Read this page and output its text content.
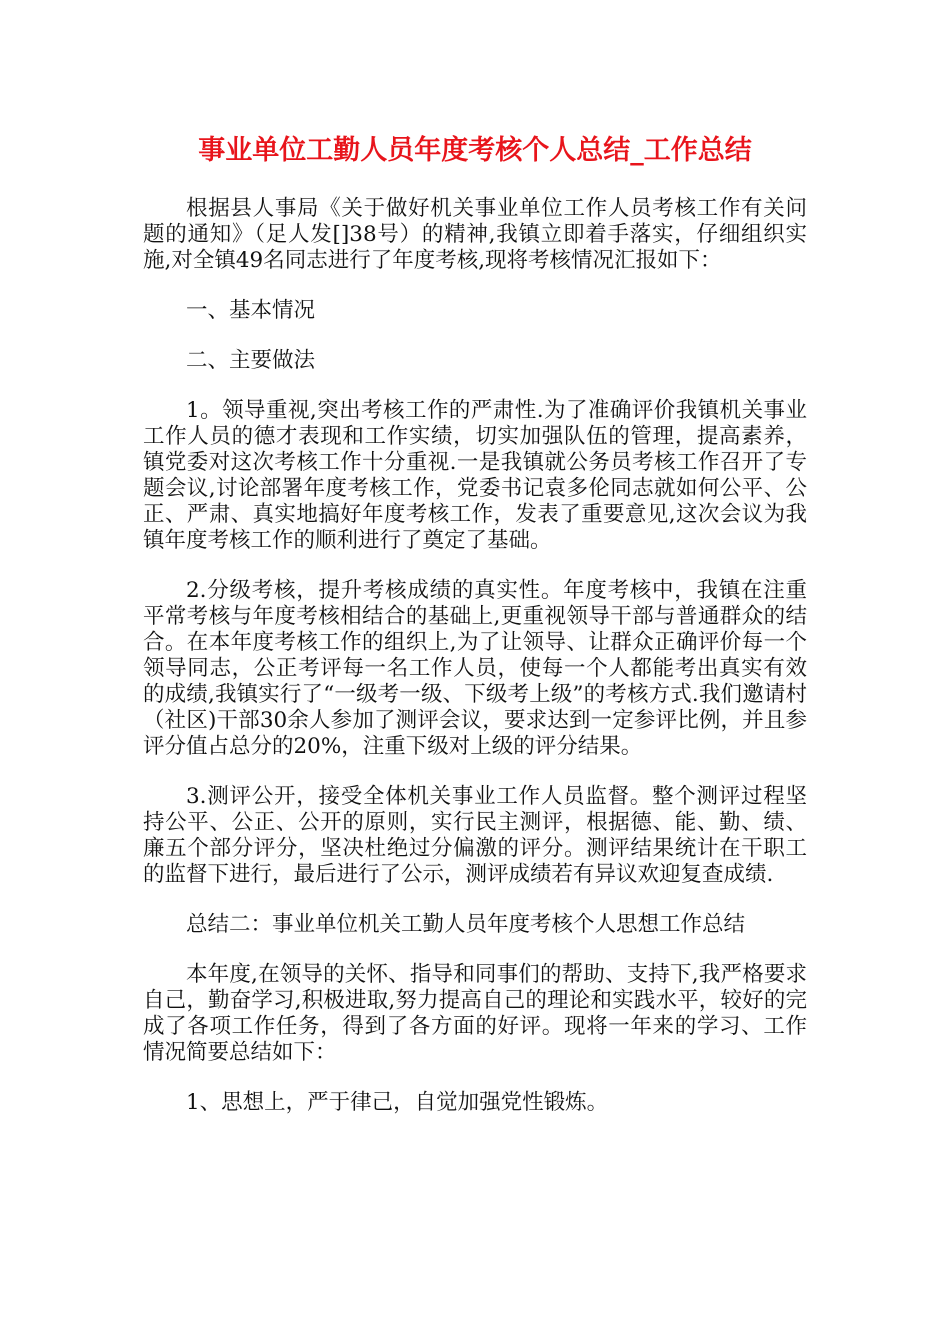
事业单位工勤人员年度考核个人总结_工作总结

根据县人事局《关于做好机关事业单位工作人员考核工作有关问题的通知》（足人发[]38号）的精神,我镇立即着手落实，仔细组织实施,对全镇49名同志进行了年度考核,现将考核情况汇报如下：

一、基本情况

二、主要做法

1。领导重视,突出考核工作的严肃性.为了准确评价我镇机关事业工作人员的德才表现和工作实绩，切实加强队伍的管理，提高素养，镇党委对这次考核工作十分重视.一是我镇就公务员考核工作召开了专题会议,讨论部署年度考核工作，党委书记袁多伦同志就如何公平、公正、严肃、真实地搞好年度考核工作，发表了重要意见,这次会议为我镇年度考核工作的顺利进行了奠定了基础。

2.分级考核，提升考核成绩的真实性。年度考核中，我镇在注重平常考核与年度考核相结合的基础上,更重视领导干部与普通群众的结合。在本年度考核工作的组织上,为了让领导、让群众正确评价每一个领导同志，公正考评每一名工作人员，使每一个人都能考出真实有效的成绩,我镇实行了“一级考一级、下级考上级”的考核方式.我们邀请村（社区)干部30余人参加了测评会议，要求达到一定参评比例，并且参评分值占总分的20%，注重下级对上级的评分结果。

3.测评公开，接受全体机关事业工作人员监督。整个测评过程坚持公平、公正、公开的原则，实行民主测评，根据德、能、勤、绩、廉五个部分评分，坚决杜绝过分偏激的评分。测评结果统计在干职工的监督下进行，最后进行了公示，测评成绩若有异议欢迎复查成绩.

总结二：事业单位机关工勤人员年度考核个人思想工作总结

本年度,在领导的关怀、指导和同事们的帮助、支持下,我严格要求自己，勤奋学习,积极进取,努力提高自己的理论和实践水平，较好的完成了各项工作任务，得到了各方面的好评。现将一年来的学习、工作情况简要总结如下：

1、思想上，严于律己，自觉加强党性锻炼。
